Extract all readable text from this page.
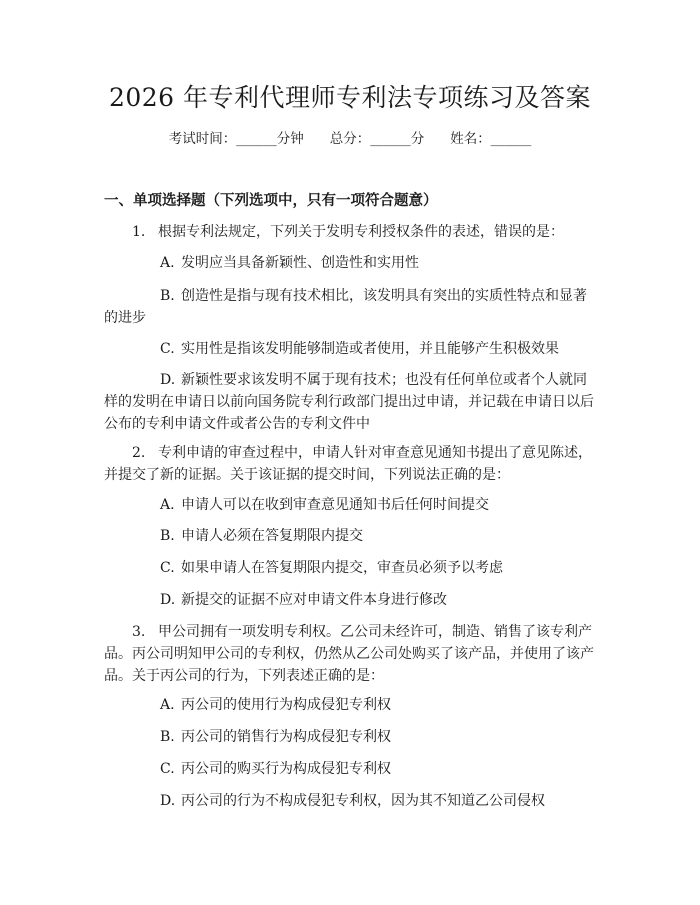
2026 年专利代理师专利法专项练习及答案
考试时间：______分钟 总分：______分 姓名：______
一、单项选择题（下列选项中，只有一项符合题意）

1. 根据专利法规定，下列关于发明专利授权条件的表述，错误的是：

A. 发明应当具备新颖性、创造性和实用性

B. 创造性是指与现有技术相比，该发明具有突出的实质性特点和显著的进步

C. 实用性是指该发明能够制造或者使用，并且能够产生积极效果

D. 新颖性要求该发明不属于现有技术；也没有任何单位或者个人就同样的发明在申请日以前向国务院专利行政部门提出过申请，并记载在申请日以后公布的专利申请文件或者公告的专利文件中

2. 专利申请的审查过程中，申请人针对审查意见通知书提出了意见陈述，并提交了新的证据。关于该证据的提交时间，下列说法正确的是：

A. 申请人可以在收到审查意见通知书后任何时间提交

B. 申请人必须在答复期限内提交

C. 如果申请人在答复期限内提交，审查员必须予以考虑

D. 新提交的证据不应对申请文件本身进行修改

3. 甲公司拥有一项发明专利权。乙公司未经许可，制造、销售了该专利产品。丙公司明知甲公司的专利权，仍然从乙公司处购买了该产品，并使用了该产品。关于丙公司的行为，下列表述正确的是：

A. 丙公司的使用行为构成侵犯专利权

B. 丙公司的销售行为构成侵犯专利权

C. 丙公司的购买行为构成侵犯专利权

D. 丙公司的行为不构成侵犯专利权，因为其不知道乙公司侵权
